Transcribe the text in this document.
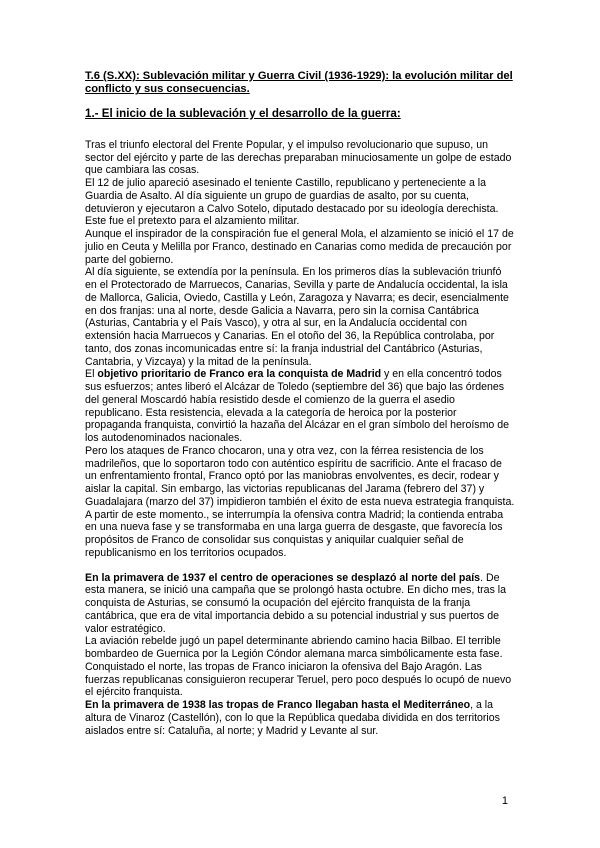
T.6 (S.XX): Sublevación militar y Guerra Civil (1936-1929): la evolución militar del conflicto y sus consecuencias.
1.- El inicio de la sublevación y el desarrollo de la guerra:

Tras el triunfo electoral del Frente Popular, y el impulso revolucionario que supuso, un sector del ejército y parte de las derechas preparaban minuciosamente un golpe de estado que cambiara las cosas.

El 12 de julio apareció asesinado el teniente Castillo, republicano y perteneciente a la Guardia de Asalto. Al día siguiente un grupo de guardias de asalto, por su cuenta, detuvieron y ejecutaron a Calvo Sotelo, diputado destacado por su ideología derechista. Este fue el pretexto para el alzamiento militar.

Aunque el inspirador de la conspiración fue el general Mola, el alzamiento se inició el 17 de julio en Ceuta y Melilla por Franco, destinado en Canarias como medida de precaución por parte del gobierno.

Al día siguiente, se extendía por la península. En los primeros días la sublevación triunfó en el Protectorado de Marruecos, Canarias, Sevilla y parte de Andalucía occidental, la isla de Mallorca, Galicia, Oviedo, Castilla y León, Zaragoza y Navarra; es decir, esencialmente en dos franjas: una al norte, desde Galicia a Navarra, pero sin la cornisa Cantábrica (Asturias, Cantabria y el País Vasco), y otra al sur, en la Andalucía occidental con extensión hacia Marruecos y Canarias. En el otoño del 36, la República controlaba, por tanto, dos zonas incomunicadas entre sí: la franja industrial del Cantábrico (Asturias, Cantabria, y Vizcaya) y la mitad de la península.

El objetivo prioritario de Franco era la conquista de Madrid y en ella concentró todos sus esfuerzos; antes liberó el Alcázar de Toledo (septiembre del 36) que bajo las órdenes del general Moscardó había resistido desde el comienzo de la guerra el asedio republicano. Esta resistencia, elevada a la categoría de heroica por la posterior propaganda franquista, convirtió la hazaña del Alcázar en el gran símbolo del heroísmo de los autodenominados nacionales.

Pero los ataques de Franco chocaron, una y otra vez, con la férrea resistencia de los madrileños, que lo soportaron todo con auténtico espíritu de sacrificio. Ante el fracaso de un enfrentamiento frontal, Franco optó por las maniobras envolventes, es decir, rodear y aislar la capital. Sin embargo, las victorias republicanas del Jarama (febrero del 37) y Guadalajara (marzo del 37) impidieron también el éxito de esta nueva estrategia franquista.

A partir de este momento., se interrumpía la ofensiva contra Madrid; la contienda entraba en una nueva fase y se transformaba en una larga guerra de desgaste, que favorecía los propósitos de Franco de consolidar sus conquistas y aniquilar cualquier señal de republicanismo en los territorios ocupados.

En la primavera de 1937 el centro de operaciones se desplazó al norte del país. De esta manera, se inició una campaña que se prolongó hasta octubre. En dicho mes, tras la conquista de Asturias, se consumó la ocupación del ejército franquista de la franja cantábrica, que era de vital importancia debido a su potencial industrial y sus puertos de valor estratégico.

La aviación rebelde jugó un papel determinante abriendo camino hacia Bilbao. El terrible bombardeo de Guernica por la Legión Cóndor alemana marca simbólicamente esta fase.

Conquistado el norte, las tropas de Franco iniciaron la ofensiva del Bajo Aragón. Las fuerzas republicanas consiguieron recuperar Teruel, pero poco después lo ocupó de nuevo el ejército franquista.

En la primavera de 1938 las tropas de Franco llegaban hasta el Mediterráneo, a la altura de Vinaroz (Castellón), con lo que la República quedaba dividida en dos territorios aislados entre sí: Cataluña, al norte; y Madrid y Levante al sur.

1
